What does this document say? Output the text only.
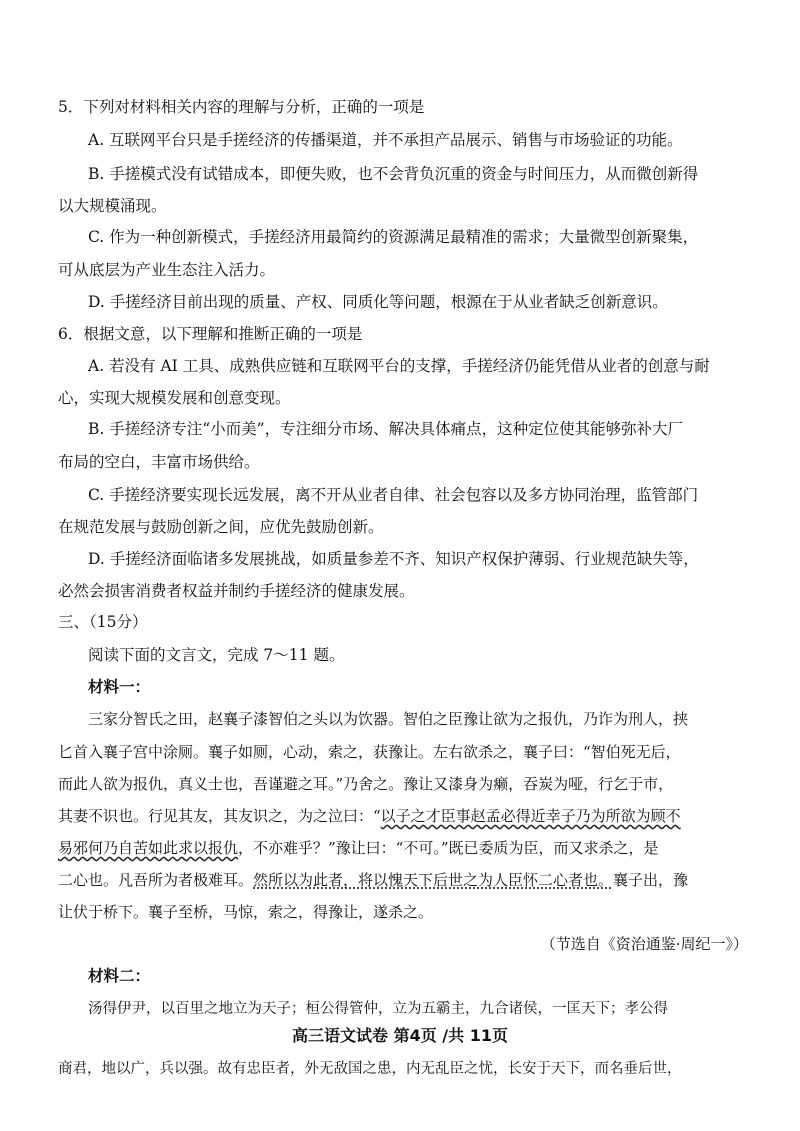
5．下列对材料相关内容的理解与分析，正确的一项是
A. 互联网平台只是手搓经济的传播渠道，并不承担产品展示、销售与市场验证的功能。
B. 手搓模式没有试错成本，即便失败，也不会背负沉重的资金与时间压力，从而微创新得
以大规模涌现。
C. 作为一种创新模式，手搓经济用最简约的资源满足最精准的需求；大量微型创新聚集，
可从底层为产业生态注入活力。
D. 手搓经济目前出现的质量、产权、同质化等问题，根源在于从业者缺乏创新意识。
6．根据文意，以下理解和推断正确的一项是
A. 若没有 AI 工具、成熟供应链和互联网平台的支撑，手搓经济仍能凭借从业者的创意与耐
心，实现大规模发展和创意变现。
B. 手搓经济专注“小而美”，专注细分市场、解决具体痛点，这种定位使其能够弥补大厂
布局的空白，丰富市场供给。
C. 手搓经济要实现长远发展，离不开从业者自律、社会包容以及多方协同治理，监管部门
在规范发展与鼓励创新之间，应优先鼓励创新。
D. 手搓经济面临诸多发展挑战，如质量参差不齐、知识产权保护薄弱、行业规范缺失等，
必然会损害消费者权益并制约手搓经济的健康发展。
三、（15分）
阅读下面的文言文，完成 7～11 题。
材料一：
三家分智氏之田，赵襄子漆智伯之头以为饮器。智伯之臣豫让欲为之报仇，乃诈为刑人，挟
匕首入襄子宫中涂厕。襄子如厕，心动，索之，获豫让。左右欲杀之，襄子曰：“智伯死无后，
而此人欲为报仇，真义士也，吾谨避之耳。”乃舍之。豫让又漆身为癞，吞炭为哑，行乞于市，
其妻不识也。行见其友，其友识之，为之泣曰：“以子之才臣事赵孟必得近幸子乃为所欲为顾不
易邪何乃自苦如此求以报仇，不亦难乎？”豫让曰：“不可。”既已委质为臣，而又求杀之，是
二心也。凡吾所为者极难耳。然所以为此者，将以愧天下后世之为人臣怀二心者也。襄子出，豫
让伏于桥下。襄子至桥，马惊，索之，得豫让，遂杀之。
（节选自《资治通鉴·周纪一》）
材料二：
汤得伊尹，以百里之地立为天子；桓公得管仲，立为五霸主，九合诸侯，一匡天下；孝公得
高三语文试卷 第4页 /共 11页
商君，地以广，兵以强。故有忠臣者，外无敌国之患，内无乱臣之忧，长安于天下，而名垂后世，
